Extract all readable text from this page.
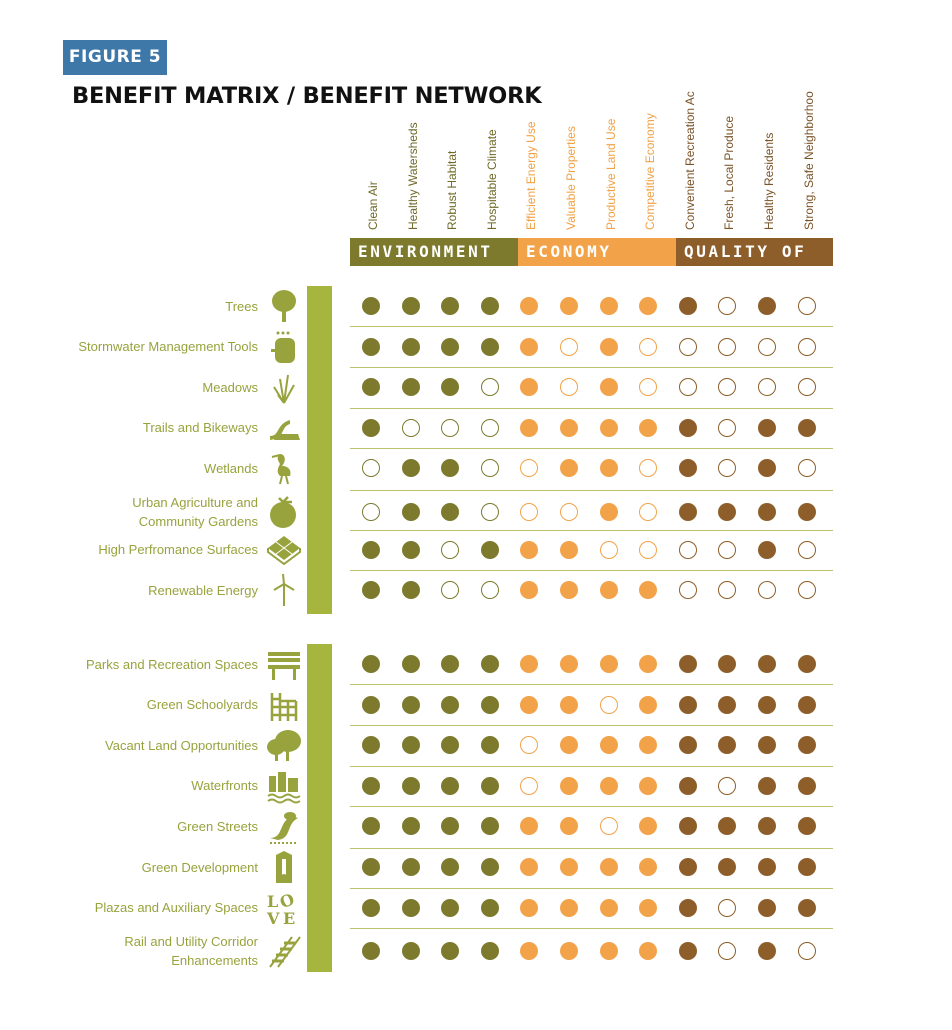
FIGURE 5
BENEFIT MATRIX / BENEFIT NETWORK
Clean Air Healthy Watersheds Robust Habitat Hospitable Climate Efficient Energy Use Valuable Properties Productive Land Use Competitive Economy Convenient Recreation Ac Fresh, Local Produce Healthy Residents Strong, Safe Neighborhoo
ENVIRONMENT	ECONOMY	QUALITY OF LIFE
Trees
Stormwater Management Tools
Meadows
Trails and Bikeways
Wetlands
Urban Agriculture and
Community Gardens
High Perfromance Surfaces
Renewable Energy
Parks and Recreation Spaces
Green Schoolyards
Vacant Land Opportunities
Waterfronts
Green Streets
Green Development
Plazas and Auxiliary Spaces L
O
V E
Rail and Utility Corridor
Enhancements
